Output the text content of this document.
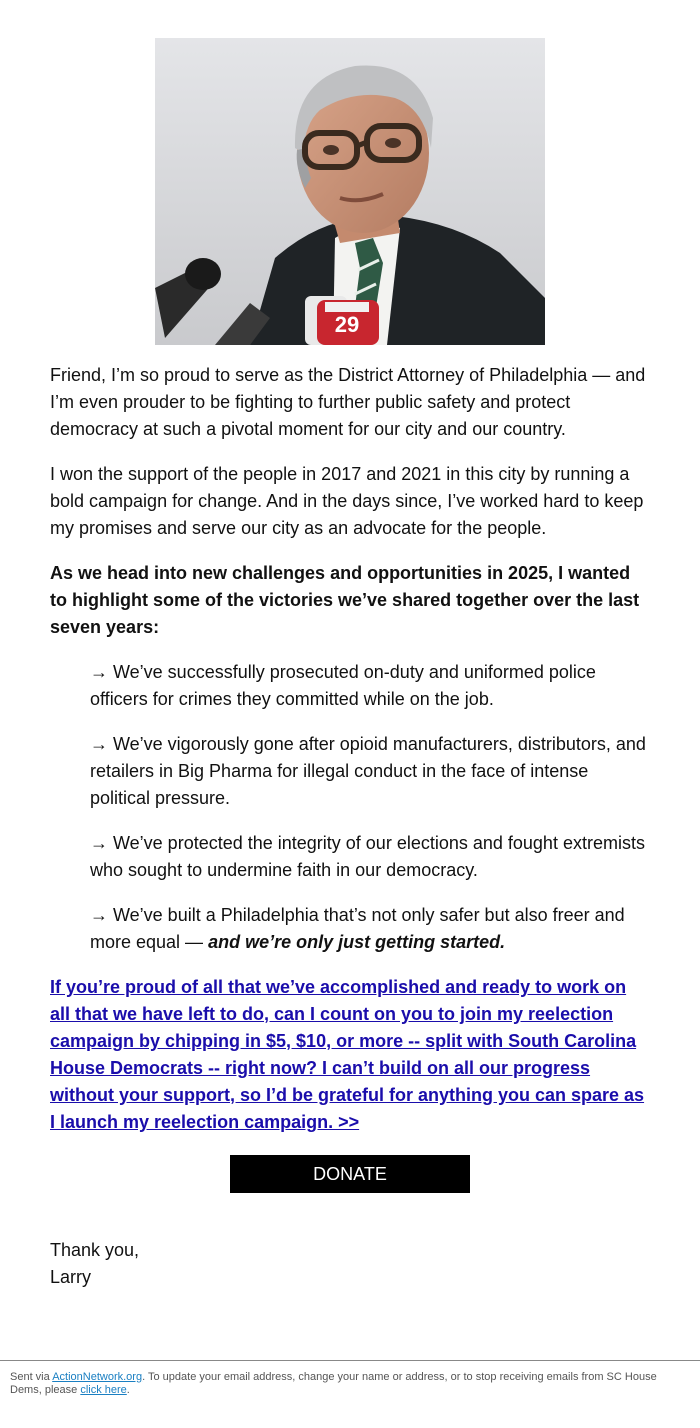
29

Friend, I’m so proud to serve as the District Attorney of Philadelphia — and I’m even prouder to be fighting to further public safety and protect democracy at such a pivotal moment for our city and our country.

I won the support of the people in 2017 and 2021 in this city by running a bold campaign for change. And in the days since, I’ve worked hard to keep my promises and serve our city as an advocate for the people.

As we head into new challenges and opportunities in 2025, I wanted to highlight some of the victories we’ve shared together over the last seven years:

→ We’ve successfully prosecuted on-duty and uniformed police officers for crimes they committed while on the job.

→ We’ve vigorously gone after opioid manufacturers, distributors, and retailers in Big Pharma for illegal conduct in the face of intense political pressure.

→ We’ve protected the integrity of our elections and fought extremists who sought to undermine faith in our democracy.

→ We’ve built a Philadelphia that’s not only safer but also freer and more equal — and we’re only just getting started.

If you’re proud of all that we’ve accomplished and ready to work on all that we have left to do, can I count on you to join my reelection campaign by chipping in $5, $10, or more -- split with South Carolina House Democrats -- right now? I can’t build on all our progress without your support, so I’d be grateful for anything you can spare as I launch my reelection campaign. >>
DONATE
Thank you,
Larry
Sent via ActionNetwork.org. To update your email address, change your name or address, or to stop receiving emails from SC House Dems, please click here.
